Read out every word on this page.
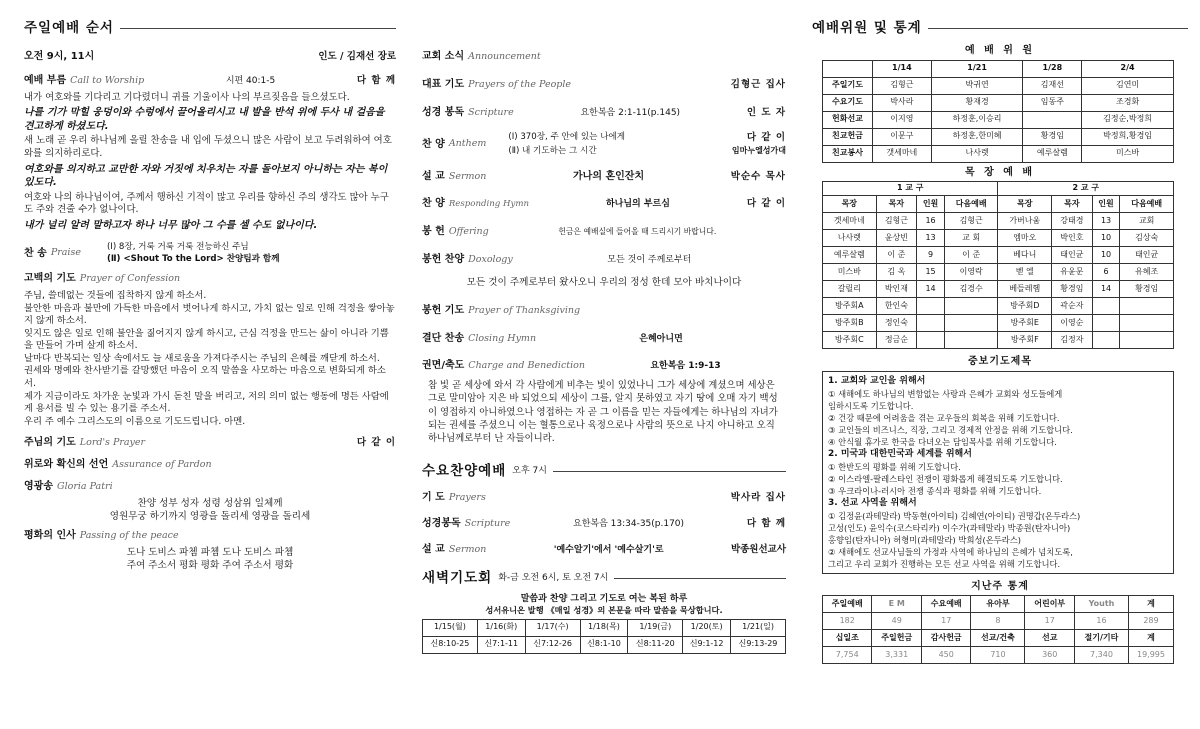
주일예배 순서
오전 9시, 11시	인도 / 김재선 장로
예배 부름 Call to Worship	시편 40:1-5	다 함 께

내가 여호와를 기다리고 기다렸더니 귀를 기울이사 나의 부르짖음을 들으셨도다.

나를 기가 막힐 웅덩이와 수렁에서 끌어올리시고 내 발을 반석 위에 두사 내 걸음을 견고하게 하셨도다.

새 노래 곧 우리 하나님께 올릴 찬송을 내 입에 두셨으니 많은 사람이 보고 두려워하여 여호와를 의지하리로다.

여호와를 의지하고 교만한 자와 거짓에 치우치는 자를 돌아보지 아니하는 자는 복이 있도다.

여호와 나의 하나님이여, 주께서 행하신 기적이 많고 우리를 향하신 주의 생각도 많아 누구도 주와 견줄 수가 없나이다.

내가 널리 알려 말하고자 하나 너무 많아 그 수를 셀 수도 없나이다.

찬 송 Praise
(Ⅰ) 8장, 거룩 거룩 거룩 전능하신 주님
(Ⅱ) <Shout To the Lord> 찬양팀과 함께
고백의 기도 Prayer of Confession
주님, 쓸데없는 것들에 집착하지 않게 하소서.
불안한 마음과 불만에 가득한 마음에서 벗어나게 하시고, 가치 없는 일로 인해 걱정을 쌓아놓지 않게 하소서.
잊지도 않은 일로 인해 불안을 짊어지지 않게 하시고, 근심 걱정을 만드는 삶이 아니라 기쁨을 만들어 가며 살게 하소서.
날마다 반복되는 일상 속에서도 늘 새로움을 가져다주시는 주님의 은혜를 깨닫게 하소서.
권세와 명예와 찬사받기를 갈망했던 마음이 오직 말씀을 사모하는 마음으로 변화되게 하소서.
제가 지금이라도 차가운 눈빛과 가시 돋친 말을 버리고, 저의 의미 없는 행동에 명든 사람에게 용서를 빌 수 있는 용기를 주소서.
우리 주 예수 그리스도의 이름으로 기도드립니다. 아멘.
주님의 기도 Lord's Prayer	다 같 이
위로와 확신의 선언 Assurance of Pardon
영광송 Gloria Patri
찬양 성부 성자 성령 성삼위 일체께
영원무궁 하기까지 영광을 돌리세 영광을 돌리세
평화의 인사 Passing of the peace
도나 도비스 파쳄 파쳄 도나 도비스 파쳄
주여 주소서 평화 평화 주여 주소서 평화
교회 소식 Announcement
대표 기도 Prayers of the People	김형근 집사
성경 봉독 Scripture	요한복음 2:1-11(p.145)	인 도 자
찬 양 Anthem
(Ⅰ) 370장, 주 안에 있는 나에게	다 같 이
(Ⅱ) 내 기도하는 그 시간	임마누엘성가대
설 교 Sermon	가나의 혼인잔치	박순수 목사
찬 양 Responding Hymn	하나님의 부르심	다 같 이
봉 헌 Offering	헌금은 예배실에 들어올 때 드리시기 바랍니다.
봉헌 찬양 Doxology	모든 것이 주께로부터
모든 것이 주께로부터 왔사오니 우리의 정성 한데 모아 바치나이다
봉헌 기도 Prayer of Thanksgiving
결단 찬송 Closing Hymn	은혜아니면
권면/축도 Charge and Benediction	요한복음 1:9-13

참 빛 곧 세상에 와서 각 사람에게 비추는 빛이 있었나니 그가 세상에 계셨으며 세상은 그로 말미암아 지은 바 되었으되 세상이 그를, 알지 못하였고 자기 땅에 오매 자기 백성이 영접하지 아니하였으나 영접하는 자 곧 그 이름을 믿는 자들에게는 하나님의 자녀가 되는 권세를 주셨으니 이는 혈통으로나 육정으로나 사람의 뜻으로 나지 아니하고 오직 하나님께로부터 난 자들이니라.

수요찬양예배 오후 7시
기 도 Prayers	박사라 집사
성경봉독 Scripture	요한복음 13:34-35(p.170)	다 함 께
설 교 Sermon	'예수알기'에서 '예수살기'로	박종원선교사
새벽기도회 화-금 오전 6시, 토 오전 7시
말씀과 찬양 그리고 기도로 여는 복된 하루
성서유니온 발행 《매일 성경》의 본문을 따라 말씀을 묵상합니다.
1/15(월)	1/16(화)	1/17(수)	1/18(목)	1/19(금)	1/20(토)	1/21(일)
신8:10-25	신7:1-11	신7:12-26	신8:1-10	신8:11-20	신9:1-12	신9:13-29
예배위원 및 통계
예 배 위 원
	1/14	1/21	1/28	2/4
주일기도	김형근	박귀연	김재선	김연미
수요기도	박사라	황재경	임동주	조경화
헌화선교	이지영	하정훈,이승리		김정순,박정희
친교헌금	이문구	하정훈,한미혜	황경임	박정희,황경임
친교봉사	갯세마네	나사렛	예루살렘	미스바
목 장 예 배
1 교 구				2 교 구			
목장	목자	인원	다음예배	목장	목자	인원	다음예배
겟세마네	김형근	16	김형근	가버나움	강태경	13	교회
나사렛	윤상빈	13	교 회	엠마오	박인호	10	김상숙
예루살렘	이 준	9	이 준	베다니	태인균	10	태인균
미스바	김 옥	15	이영락	벧 엘	유윤문	6	유혜조
갈릴리	박인재	14	김경수	베들레헴	황경임	14	황경임
방주회A	한인숙			방주회D	곽순자		
방주회B	정인숙			방주회E	이영순		
방주회C	정금순			방주회F	김정자		
중보기도제목
1. 교회와 교인을 위해서
① 새해에도 하나님의 변함없는 사랑과 은혜가 교회와 성도들에게
임하시도록 기도합니다.
② 건강 때문에 어려움을 겪는 교우들의 회복을 위해 기도합니다.
③ 교인들의 비즈니스, 직장, 그리고 경제적 안정을 위해 기도합니다.
④ 안식월 휴가로 한국을 다녀오는 담임목사를 위해 기도합니다.
2. 미국과 대한민국과 세계를 위해서
① 한반도의 평화를 위해 기도합니다.
② 이스라엘-팔레스타인 전쟁이 평화롭게 해결되도록 기도합니다.
③ 우크라이나-러시아 전쟁 종식과 평화를 위해 기도합니다.
3. 선교 사역을 위해서
① 김정윤(과테말라) 박동현(아이티) 김혜연(아이티) 권명갑(온두라스)
고성(인도) 윤익수(코스타리카) 이수가(과테말라) 박종원(탄자니아)
홍향임(탄자니아) 허형미(과테말라) 박희성(온두라스)
② 새해에도 선교사님들의 가정과 사역에 하나님의 은혜가 넘치도록,
그리고 우리 교회가 진행하는 모든 선교 사역을 위해 기도합니다.
지난주 통계
주일예배	E M	수요예배	유아부	어린이부	Youth	계
182	49	17	8	17	16	289
십일조	주일헌금	감사헌금	선교/건축	선교	절기/기타	계
7,754	3,331	450	710	360	7,340	19,995
